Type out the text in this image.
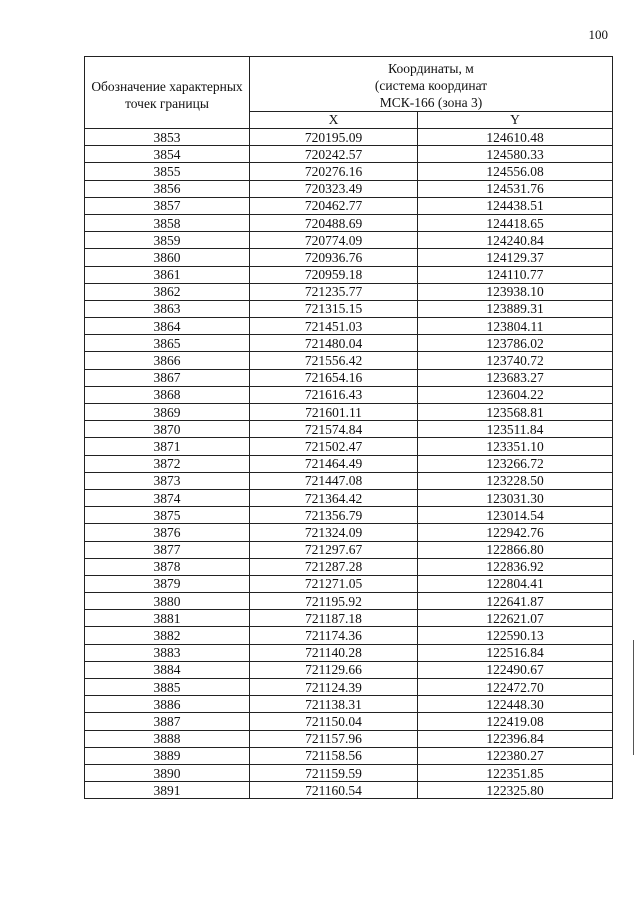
100
Обозначение характерных точек границы	Координаты, м
(система координат
МСК-166 (зона 3)	

	X	Y
3853	720195.09	124610.48
3854	720242.57	124580.33
3855	720276.16	124556.08
3856	720323.49	124531.76
3857	720462.77	124438.51
3858	720488.69	124418.65
3859	720774.09	124240.84
3860	720936.76	124129.37
3861	720959.18	124110.77
3862	721235.77	123938.10
3863	721315.15	123889.31
3864	721451.03	123804.11
3865	721480.04	123786.02
3866	721556.42	123740.72
3867	721654.16	123683.27
3868	721616.43	123604.22
3869	721601.11	123568.81
3870	721574.84	123511.84
3871	721502.47	123351.10
3872	721464.49	123266.72
3873	721447.08	123228.50
3874	721364.42	123031.30
3875	721356.79	123014.54
3876	721324.09	122942.76
3877	721297.67	122866.80
3878	721287.28	122836.92
3879	721271.05	122804.41
3880	721195.92	122641.87
3881	721187.18	122621.07
3882	721174.36	122590.13
3883	721140.28	122516.84
3884	721129.66	122490.67
3885	721124.39	122472.70
3886	721138.31	122448.30
3887	721150.04	122419.08
3888	721157.96	122396.84
3889	721158.56	122380.27
3890	721159.59	122351.85
3891	721160.54	122325.80
